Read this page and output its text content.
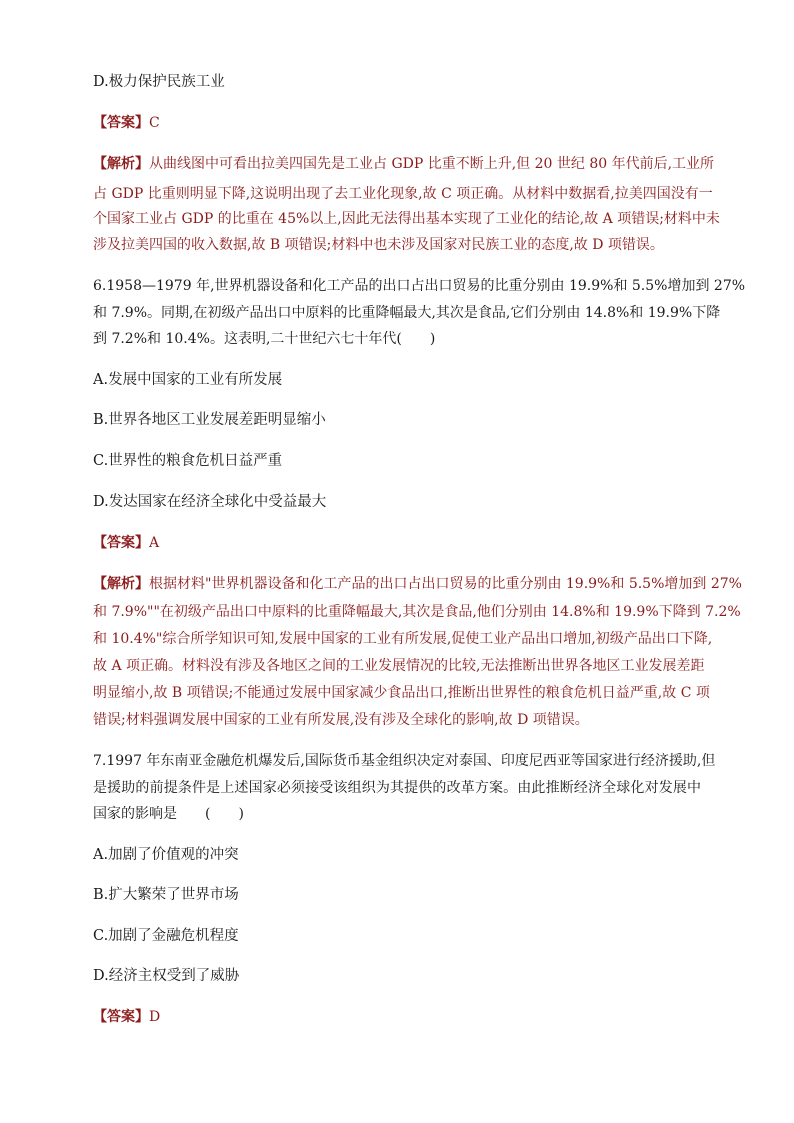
D.极力保护民族工业
【答案】C
【解析】从曲线图中可看出拉美四国先是工业占 GDP 比重不断上升,但 20 世纪 80 年代前后,工业所
占 GDP 比重则明显下降,这说明出现了去工业化现象,故 C 项正确。从材料中数据看,拉美四国没有一
个国家工业占 GDP 的比重在 45%以上,因此无法得出基本实现了工业化的结论,故 A 项错误;材料中未
涉及拉美四国的收入数据,故 B 项错误;材料中也未涉及国家对民族工业的态度,故 D 项错误。
6.1958—1979 年,世界机器设备和化工产品的出口占出口贸易的比重分别由 19.9%和 5.5%增加到 27%
和 7.9%。同期,在初级产品出口中原料的比重降幅最大,其次是食品,它们分别由 14.8%和 19.9%下降
到 7.2%和 10.4%。这表明,二十世纪六七十年代(　　)
A.发展中国家的工业有所发展
B.世界各地区工业发展差距明显缩小
C.世界性的粮食危机日益严重
D.发达国家在经济全球化中受益最大
【答案】A
【解析】根据材料"世界机器设备和化工产品的出口占出口贸易的比重分别由 19.9%和 5.5%增加到 27%
和 7.9%""在初级产品出口中原料的比重降幅最大,其次是食品,他们分别由 14.8%和 19.9%下降到 7.2%
和 10.4%"综合所学知识可知,发展中国家的工业有所发展,促使工业产品出口增加,初级产品出口下降,
故 A 项正确。材料没有涉及各地区之间的工业发展情况的比较,无法推断出世界各地区工业发展差距
明显缩小,故 B 项错误;不能通过发展中国家减少食品出口,推断出世界性的粮食危机日益严重,故 C 项
错误;材料强调发展中国家的工业有所发展,没有涉及全球化的影响,故 D 项错误。
7.1997 年东南亚金融危机爆发后,国际货币基金组织决定对泰国、印度尼西亚等国家进行经济援助,但
是援助的前提条件是上述国家必须接受该组织为其提供的改革方案。由此推断经济全球化对发展中
国家的影响是　　(　　)
A.加剧了价值观的冲突
B.扩大繁荣了世界市场
C.加剧了金融危机程度
D.经济主权受到了威胁
【答案】D
